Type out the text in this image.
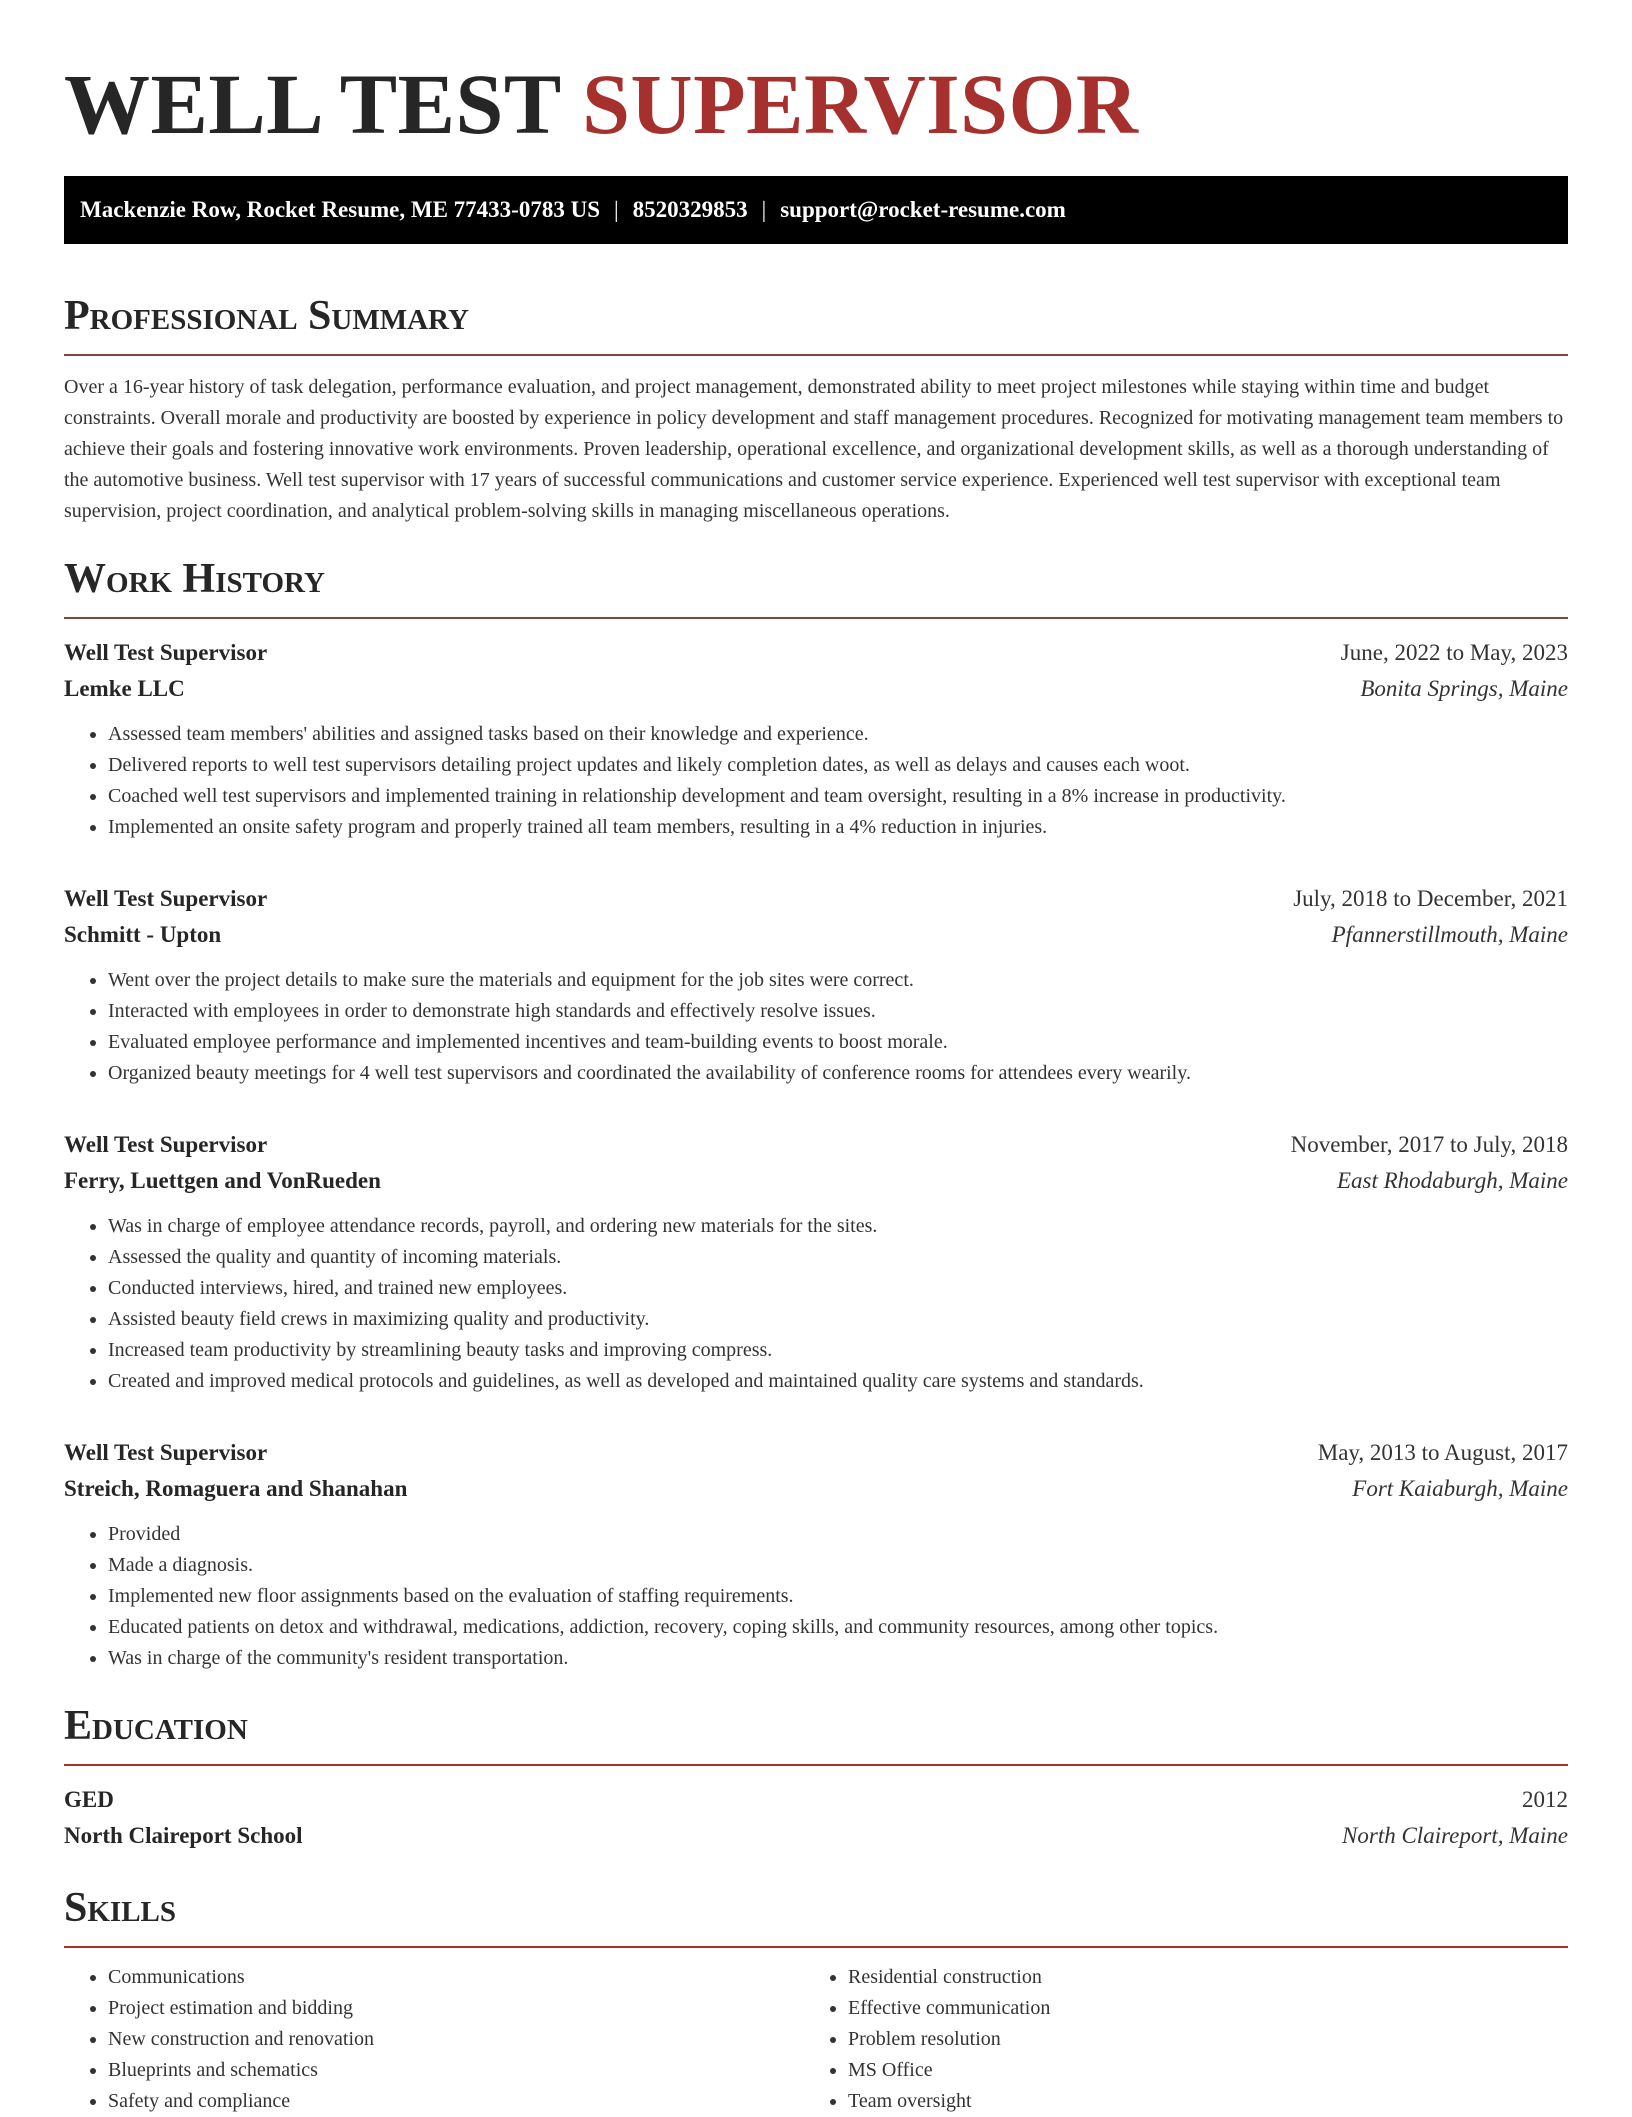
WELL TEST SUPERVISOR
Mackenzie Row, Rocket Resume, ME 77433-0783 US | 8520329853 | support@rocket-resume.com
Professional Summary

Over a 16-year history of task delegation, performance evaluation, and project management, demonstrated ability to meet project milestones while staying within time and budget constraints. Overall morale and productivity are boosted by experience in policy development and staff management procedures. Recognized for motivating management team members to achieve their goals and fostering innovative work environments. Proven leadership, operational excellence, and organizational development skills, as well as a thorough understanding of the automotive business. Well test supervisor with 17 years of successful communications and customer service experience. Experienced well test supervisor with exceptional team supervision, project coordination, and analytical problem-solving skills in managing miscellaneous operations.

Work History
Well Test Supervisor	June, 2022 to May, 2023
Lemke LLC	Bonita Springs, Maine
• Assessed team members' abilities and assigned tasks based on their knowledge and experience.
• Delivered reports to well test supervisors detailing project updates and likely completion dates, as well as delays and causes each woot.
• Coached well test supervisors and implemented training in relationship development and team oversight, resulting in a 8% increase in productivity.
• Implemented an onsite safety program and properly trained all team members, resulting in a 4% reduction in injuries.
Well Test Supervisor	July, 2018 to December, 2021
Schmitt - Upton	Pfannerstillmouth, Maine
• Went over the project details to make sure the materials and equipment for the job sites were correct.
• Interacted with employees in order to demonstrate high standards and effectively resolve issues.
• Evaluated employee performance and implemented incentives and team-building events to boost morale.
• Organized beauty meetings for 4 well test supervisors and coordinated the availability of conference rooms for attendees every wearily.
Well Test Supervisor	November, 2017 to July, 2018
Ferry, Luettgen and VonRueden	East Rhodaburgh, Maine
• Was in charge of employee attendance records, payroll, and ordering new materials for the sites.
• Assessed the quality and quantity of incoming materials.
• Conducted interviews, hired, and trained new employees.
• Assisted beauty field crews in maximizing quality and productivity.
• Increased team productivity by streamlining beauty tasks and improving compress.
• Created and improved medical protocols and guidelines, as well as developed and maintained quality care systems and standards.
Well Test Supervisor	May, 2013 to August, 2017
Streich, Romaguera and Shanahan	Fort Kaiaburgh, Maine
• Provided
• Made a diagnosis.
• Implemented new floor assignments based on the evaluation of staffing requirements.
• Educated patients on detox and withdrawal, medications, addiction, recovery, coping skills, and community resources, among other topics.
• Was in charge of the community's resident transportation.
Education
GED	2012
North Claireport School	North Claireport, Maine
Skills
• Communications
• Project estimation and bidding
• New construction and renovation
• Blueprints and schematics
• Safety and compliance
• Residential construction
• Effective communication
• Problem resolution
• MS Office
• Team oversight
